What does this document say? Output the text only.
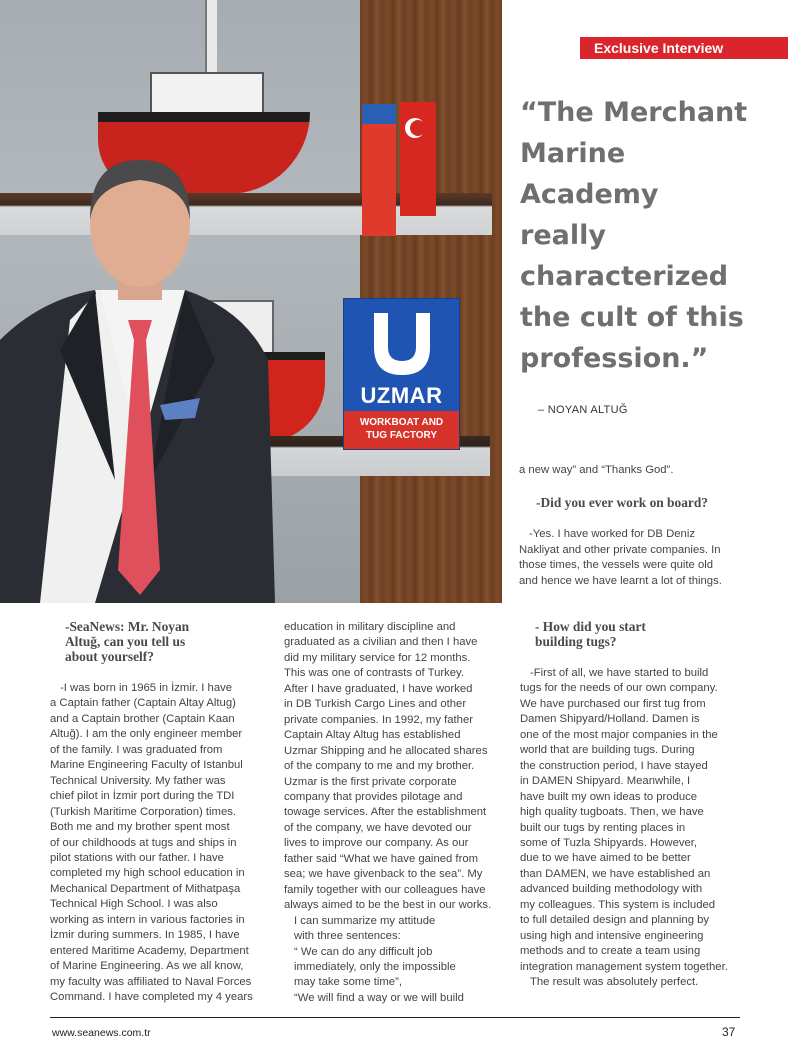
UZMAR
WORKBOAT AND
TUG FACTORY
Exclusive Interview
“The Merchant
Marine
Academy
really
characterized
the cult of this
profession.”
– NOYAN ALTUĞ
a new way” and “Thanks God”.

-Did you ever work on board?

-Yes. I have worked for DB Deniz
Nakliyat and other private companies. In
those times, the vessels were quite old
and hence we have learnt a lot of things.
-SeaNews: Mr. Noyan
Altuğ, can you tell us
about yourself?
- How did you start
building tugs?
-I was born in 1965 in İzmir. I have
a Captain father (Captain Altay Altug)
and a Captain brother (Captain Kaan
Altuğ). I am the only engineer member
of the family. I was graduated from
Marine Engineering Faculty of Istanbul
Technical University. My father was
chief pilot in İzmir port during the TDI
(Turkish Maritime Corporation) times.
Both me and my brother spent most
of our childhoods at tugs and ships in
pilot stations with our father. I have
completed my high school education in
Mechanical Department of Mithatpaşa
Technical High School. I was also
working as intern in various factories in
İzmir during summers. In 1985, I have
entered Maritime Academy, Department
of Marine Engineering. As we all know,
my faculty was affiliated to Naval Forces
Command. I have completed my 4 years
education in military discipline and
graduated as a civilian and then I have
did my military service for 12 months.
This was one of contrasts of Turkey.
After I have graduated, I have worked
in DB Turkish Cargo Lines and other
private companies. In 1992, my father
Captain Altay Altug has established
Uzmar Shipping and he allocated shares
of the company to me and my brother.
Uzmar is the first private corporate
company that provides pilotage and
towage services. After the establishment
of the company, we have devoted our
lives to improve our company. As our
father said “What we have gained from
sea; we have givenback to the sea”. My
family together with our colleagues have
always aimed to be the best in our works.
I can summarize my attitude
with three sentences:
“ We can do any difficult job
immediately, only the impossible
may take some time”,
“We will find a way or we will build
-First of all, we have started to build
tugs for the needs of our own company.
We have purchased our first tug from
Damen Shipyard/Holland. Damen is
one of the most major companies in the
world that are building tugs. During
the construction period, I have stayed
in DAMEN Shipyard. Meanwhile, I
have built my own ideas to produce
high quality tugboats. Then, we have
built our tugs by renting places in
some of Tuzla Shipyards. However,
due to we have aimed to be better
than DAMEN, we have established an
advanced building methodology with
my colleagues. This system is included
to full detailed design and planning by
using high and intensive engineering
methods and to create a team using
integration management system together.
The result was absolutely perfect.
www.seanews.com.tr	37
